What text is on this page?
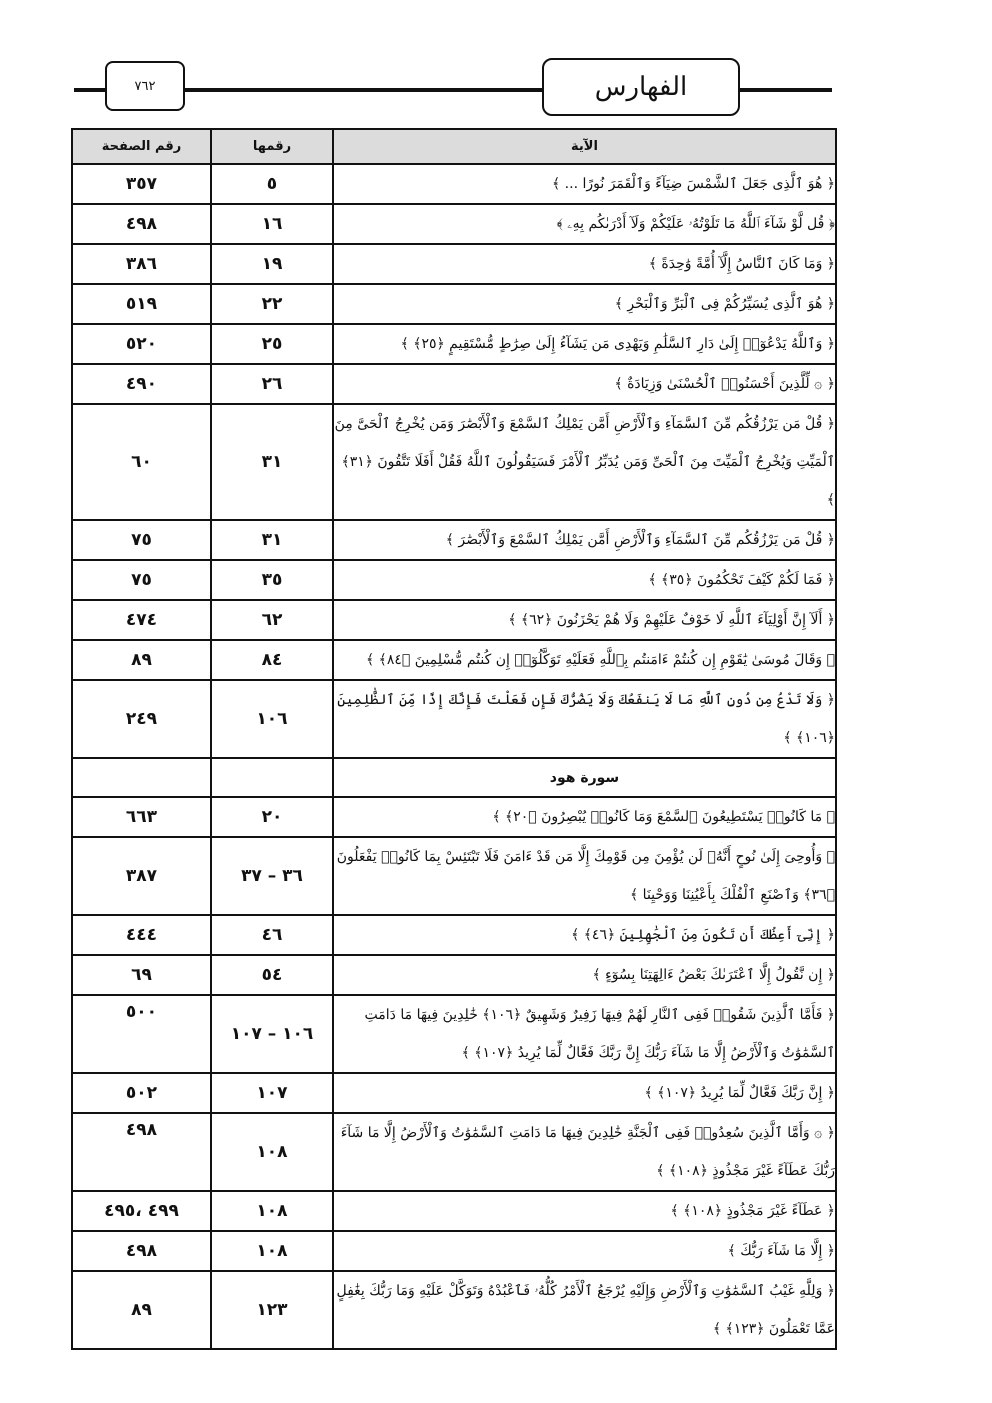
٧٦٢	الفهارس
رقم الصفحة	رقمها	الآية
٣٥٧	٥	﴿ هُوَ ٱلَّذِى جَعَلَ ٱلشَّمْسَ ضِيَآءً وَٱلْقَمَرَ نُورًا ... ﴾
٤٩٨	١٦	﴿ قُل لَّوْ شَآءَ ٱللَّهُ مَا تَلَوْتُهُۥ عَلَيْكُمْ وَلَآ أَدْرَىٰكُم بِهِۦ ﴾
٣٨٦	١٩	﴿ وَمَا كَانَ ٱلنَّاسُ إِلَّآ أُمَّةً وَٰحِدَةً ﴾
٥١٩	٢٢	﴿ هُوَ ٱلَّذِى يُسَيِّرُكُمْ فِى ٱلْبَرِّ وَٱلْبَحْرِ ﴾
٥٢٠	٢٥	﴿ وَٱللَّهُ يَدْعُوٓا۟ إِلَىٰ دَارِ ٱلسَّلَٰمِ وَيَهْدِى مَن يَشَآءُ إِلَىٰ صِرَٰطٍ مُّسْتَقِيمٍ ﴿٢٥﴾ ﴾
٤٩٠	٢٦	﴿ ۞ لِّلَّذِينَ أَحْسَنُوا۟ ٱلْحُسْنَىٰ وَزِيَادَةٌ ﴾
٦٠	٣١	﴿ قُلْ مَن يَرْزُقُكُم مِّنَ ٱلسَّمَآءِ وَٱلْأَرْضِ أَمَّن يَمْلِكُ ٱلسَّمْعَ وَٱلْأَبْصَٰرَ وَمَن يُخْرِجُ ٱلْحَىَّ مِنَ ٱلْمَيِّتِ وَيُخْرِجُ ٱلْمَيِّتَ مِنَ ٱلْحَىِّ وَمَن يُدَبِّرُ ٱلْأَمْرَ فَسَيَقُولُونَ ٱللَّهُ فَقُلْ أَفَلَا تَتَّقُونَ ﴿٣١﴾ ﴾
٧٥	٣١	﴿ قُلْ مَن يَرْزُقُكُم مِّنَ ٱلسَّمَآءِ وَٱلْأَرْضِ أَمَّن يَمْلِكُ ٱلسَّمْعَ وَٱلْأَبْصَٰرَ ﴾
٧٥	٣٥	﴿ فَمَا لَكُمْ كَيْفَ تَحْكُمُونَ ﴿٣٥﴾ ﴾
٤٧٤	٦٢	﴿ أَلَآ إِنَّ أَوْلِيَآءَ ٱللَّهِ لَا خَوْفٌ عَلَيْهِمْ وَلَا هُمْ يَحْزَنُونَ ﴿٦٢﴾ ﴾
٨٩	٨٤	﴿ وَقَالَ مُوسَىٰ يَٰقَوْمِ إِن كُنتُمْ ءَامَنتُم بِٱللَّهِ فَعَلَيْهِ تَوَكَّلُوٓا۟ إِن كُنتُم مُّسْلِمِينَ ﴿٨٤﴾ ﴾
٢٤٩	١٠٦	﴿ وَلَا تَدْعُ مِن دُونِ ٱللَّهِ مَا لَا يَنفَعُكَ وَلَا يَضُرُّكَ فَإِن فَعَلْتَ فَإِنَّكَ إِذًا مِّنَ ٱلظَّٰلِمِينَ ﴿١٠٦﴾ ﴾
		سورة هود
٦٦٣	٢٠	﴿ مَا كَانُوا۟ يَسْتَطِيعُونَ ٱلسَّمْعَ وَمَا كَانُوا۟ يُبْصِرُونَ ﴿٢٠﴾ ﴾
٣٨٧	٣٦ – ٣٧	﴿ وَأُوحِىَ إِلَىٰ نُوحٍ أَنَّهُۥ لَن يُؤْمِنَ مِن قَوْمِكَ إِلَّا مَن قَدْ ءَامَنَ فَلَا تَبْتَئِسْ بِمَا كَانُوا۟ يَفْعَلُونَ ﴿٣٦﴾ وَٱصْنَعِ ٱلْفُلْكَ بِأَعْيُنِنَا وَوَحْيِنَا ﴾
٤٤٤	٤٦	﴿ إِنِّىٓ أَعِظُكَ أَن تَكُونَ مِنَ ٱلْجَٰهِلِينَ ﴿٤٦﴾ ﴾
٦٩	٥٤	﴿ إِن نَّقُولُ إِلَّا ٱعْتَرَىٰكَ بَعْضُ ءَالِهَتِنَا بِسُوٓءٍ ﴾
٥٠٠	١٠٦ – ١٠٧	﴿ فَأَمَّا ٱلَّذِينَ شَقُوا۟ فَفِى ٱلنَّارِ لَهُمْ فِيهَا زَفِيرٌ وَشَهِيقٌ ﴿١٠٦﴾ خَٰلِدِينَ فِيهَا مَا دَامَتِ ٱلسَّمَٰوَٰتُ وَٱلْأَرْضُ إِلَّا مَا شَآءَ رَبُّكَ إِنَّ رَبَّكَ فَعَّالٌ لِّمَا يُرِيدُ ﴿١٠٧﴾ ﴾
٥٠٢	١٠٧	﴿ إِنَّ رَبَّكَ فَعَّالٌ لِّمَا يُرِيدُ ﴿١٠٧﴾ ﴾
٤٩٨	١٠٨	﴿ ۞ وَأَمَّا ٱلَّذِينَ سُعِدُوا۟ فَفِى ٱلْجَنَّةِ خَٰلِدِينَ فِيهَا مَا دَامَتِ ٱلسَّمَٰوَٰتُ وَٱلْأَرْضُ إِلَّا مَا شَآءَ رَبُّكَ عَطَآءً غَيْرَ مَجْذُوذٍ ﴿١٠٨﴾ ﴾
٤٩٩ ،٤٩٥	١٠٨	﴿ عَطَآءً غَيْرَ مَجْذُوذٍ ﴿١٠٨﴾ ﴾
٤٩٨	١٠٨	﴿ إِلَّا مَا شَآءَ رَبُّكَ ﴾
٨٩	١٢٣	﴿ وَلِلَّهِ غَيْبُ ٱلسَّمَٰوَٰتِ وَٱلْأَرْضِ وَإِلَيْهِ يُرْجَعُ ٱلْأَمْرُ كُلُّهُۥ فَٱعْبُدْهُ وَتَوَكَّلْ عَلَيْهِ وَمَا رَبُّكَ بِغَٰفِلٍ عَمَّا تَعْمَلُونَ ﴿١٢٣﴾ ﴾
